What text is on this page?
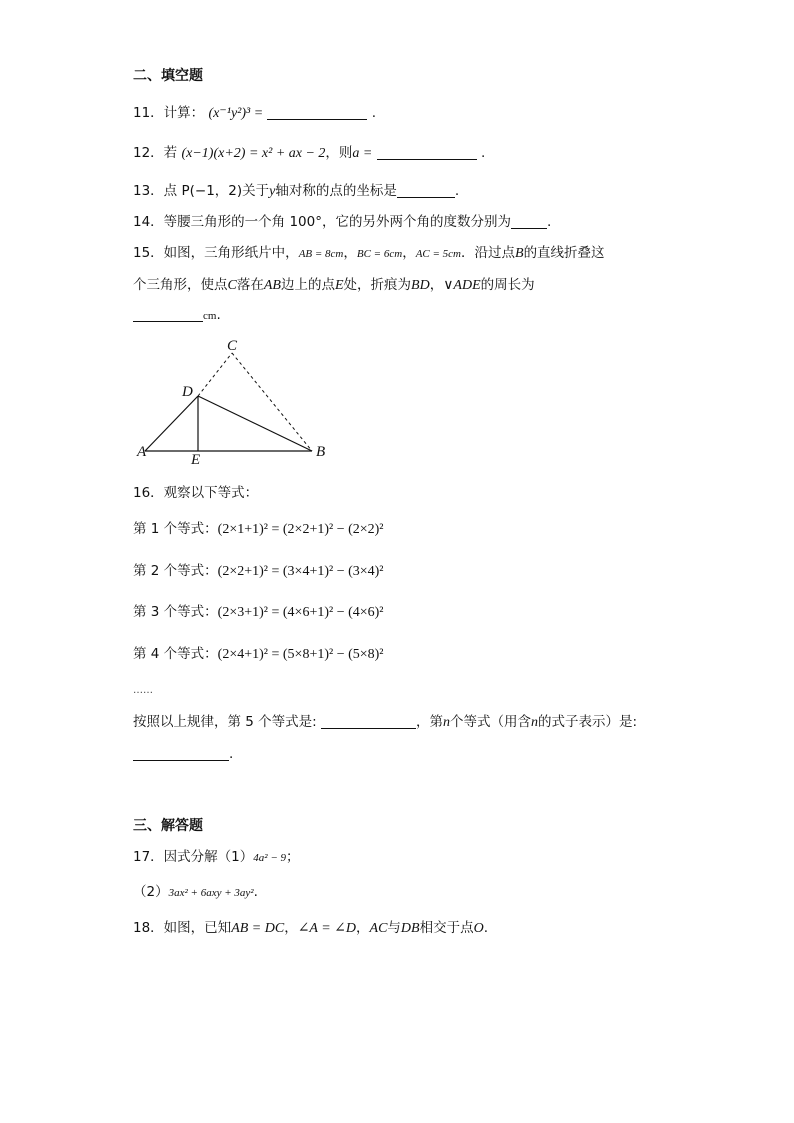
二、填空题
11．计算： (x⁻¹y²)³ =	.
12．若 (x−1)(x+2) = x² + ax − 2，则a =	.
13．点 P(−1，2)关于y轴对称的点的坐标是	.
14．等腰三角形的一个角 100°，它的另外两个角的度数分别为	.
15．如图，三角形纸片中，AB = 8cm，BC = 6cm，AC = 5cm．沿过点B的直线折叠这
个三角形，使点C落在AB边上的点E处，折痕为BD，∨ADE的周长为
cm.
C
D
A	E	B
16．观察以下等式：
第 1 个等式：(2×1+1)² = (2×2+1)² − (2×2)²
第 2 个等式：(2×2+1)² = (3×4+1)² − (3×4)²
第 3 个等式：(2×3+1)² = (4×6+1)² − (4×6)²
第 4 个等式：(2×4+1)² = (5×8+1)² − (5×8)²
……
按照以上规律，第 5 个等式是:	，第n个等式（用含n的式子表示）是:
.
三、解答题
17．因式分解（1）4a² − 9；
（2）3ax² + 6axy + 3ay².
18．如图，已知AB = DC，∠A = ∠D，AC与DB相交于点O.
